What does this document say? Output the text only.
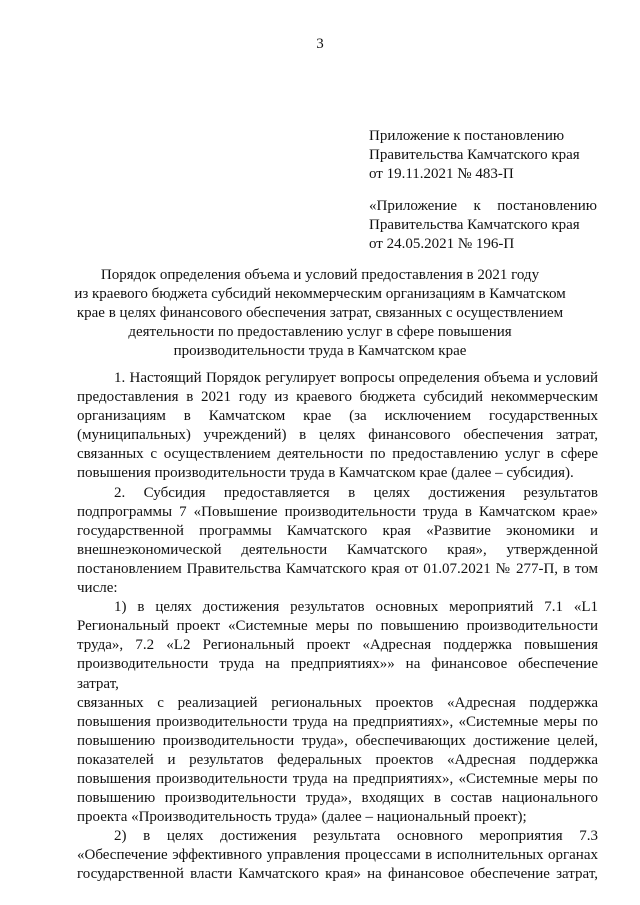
3
Приложение к постановлению
Правительства Камчатского края
от 19.11.2021 № 483-П
«Приложение к постановлению
Правительства Камчатского края
от 24.05.2021 № 196-П
Порядок определения объема и условий предоставления в 2021 году
из краевого бюджета субсидий некоммерческим организациям в Камчатском
крае в целях финансового обеспечения затрат, связанных с осуществлением
деятельности по предоставлению услуг в сфере повышения
производительности труда в Камчатском крае

1. Настоящий Порядок регулирует вопросы определения объема и условий
предоставления в 2021 году из краевого бюджета субсидий некоммерческим
организациям в Камчатском крае (за исключением государственных
(муниципальных) учреждений) в целях финансового обеспечения затрат,
связанных с осуществлением деятельности по предоставлению услуг в сфере
повышения производительности труда в Камчатском крае (далее – субсидия).

2. Субсидия предоставляется в целях достижения результатов
подпрограммы 7 «Повышение производительности труда в Камчатском крае»
государственной программы Камчатского края «Развитие экономики и
внешнеэкономической деятельности Камчатского края», утвержденной
постановлением Правительства Камчатского края от 01.07.2021 № 277-П, в том
числе:

1) в целях достижения результатов основных мероприятий 7.1 «L1
Региональный проект «Системные меры по повышению производительности
труда», 7.2 «L2 Региональный проект «Адресная поддержка повышения
производительности труда на предприятиях»» на финансовое обеспечение затрат,
связанных с реализацией региональных проектов «Адресная поддержка
повышения производительности труда на предприятиях», «Системные меры по
повышению производительности труда», обеспечивающих достижение целей,
показателей и результатов федеральных проектов «Адресная поддержка
повышения производительности труда на предприятиях», «Системные меры по
повышению производительности труда», входящих в состав национального
проекта «Производительность труда» (далее – национальный проект);

2) в целях достижения результата основного мероприятия 7.3
«Обеспечение эффективного управления процессами в исполнительных органах
государственной власти Камчатского края» на финансовое обеспечение затрат,
